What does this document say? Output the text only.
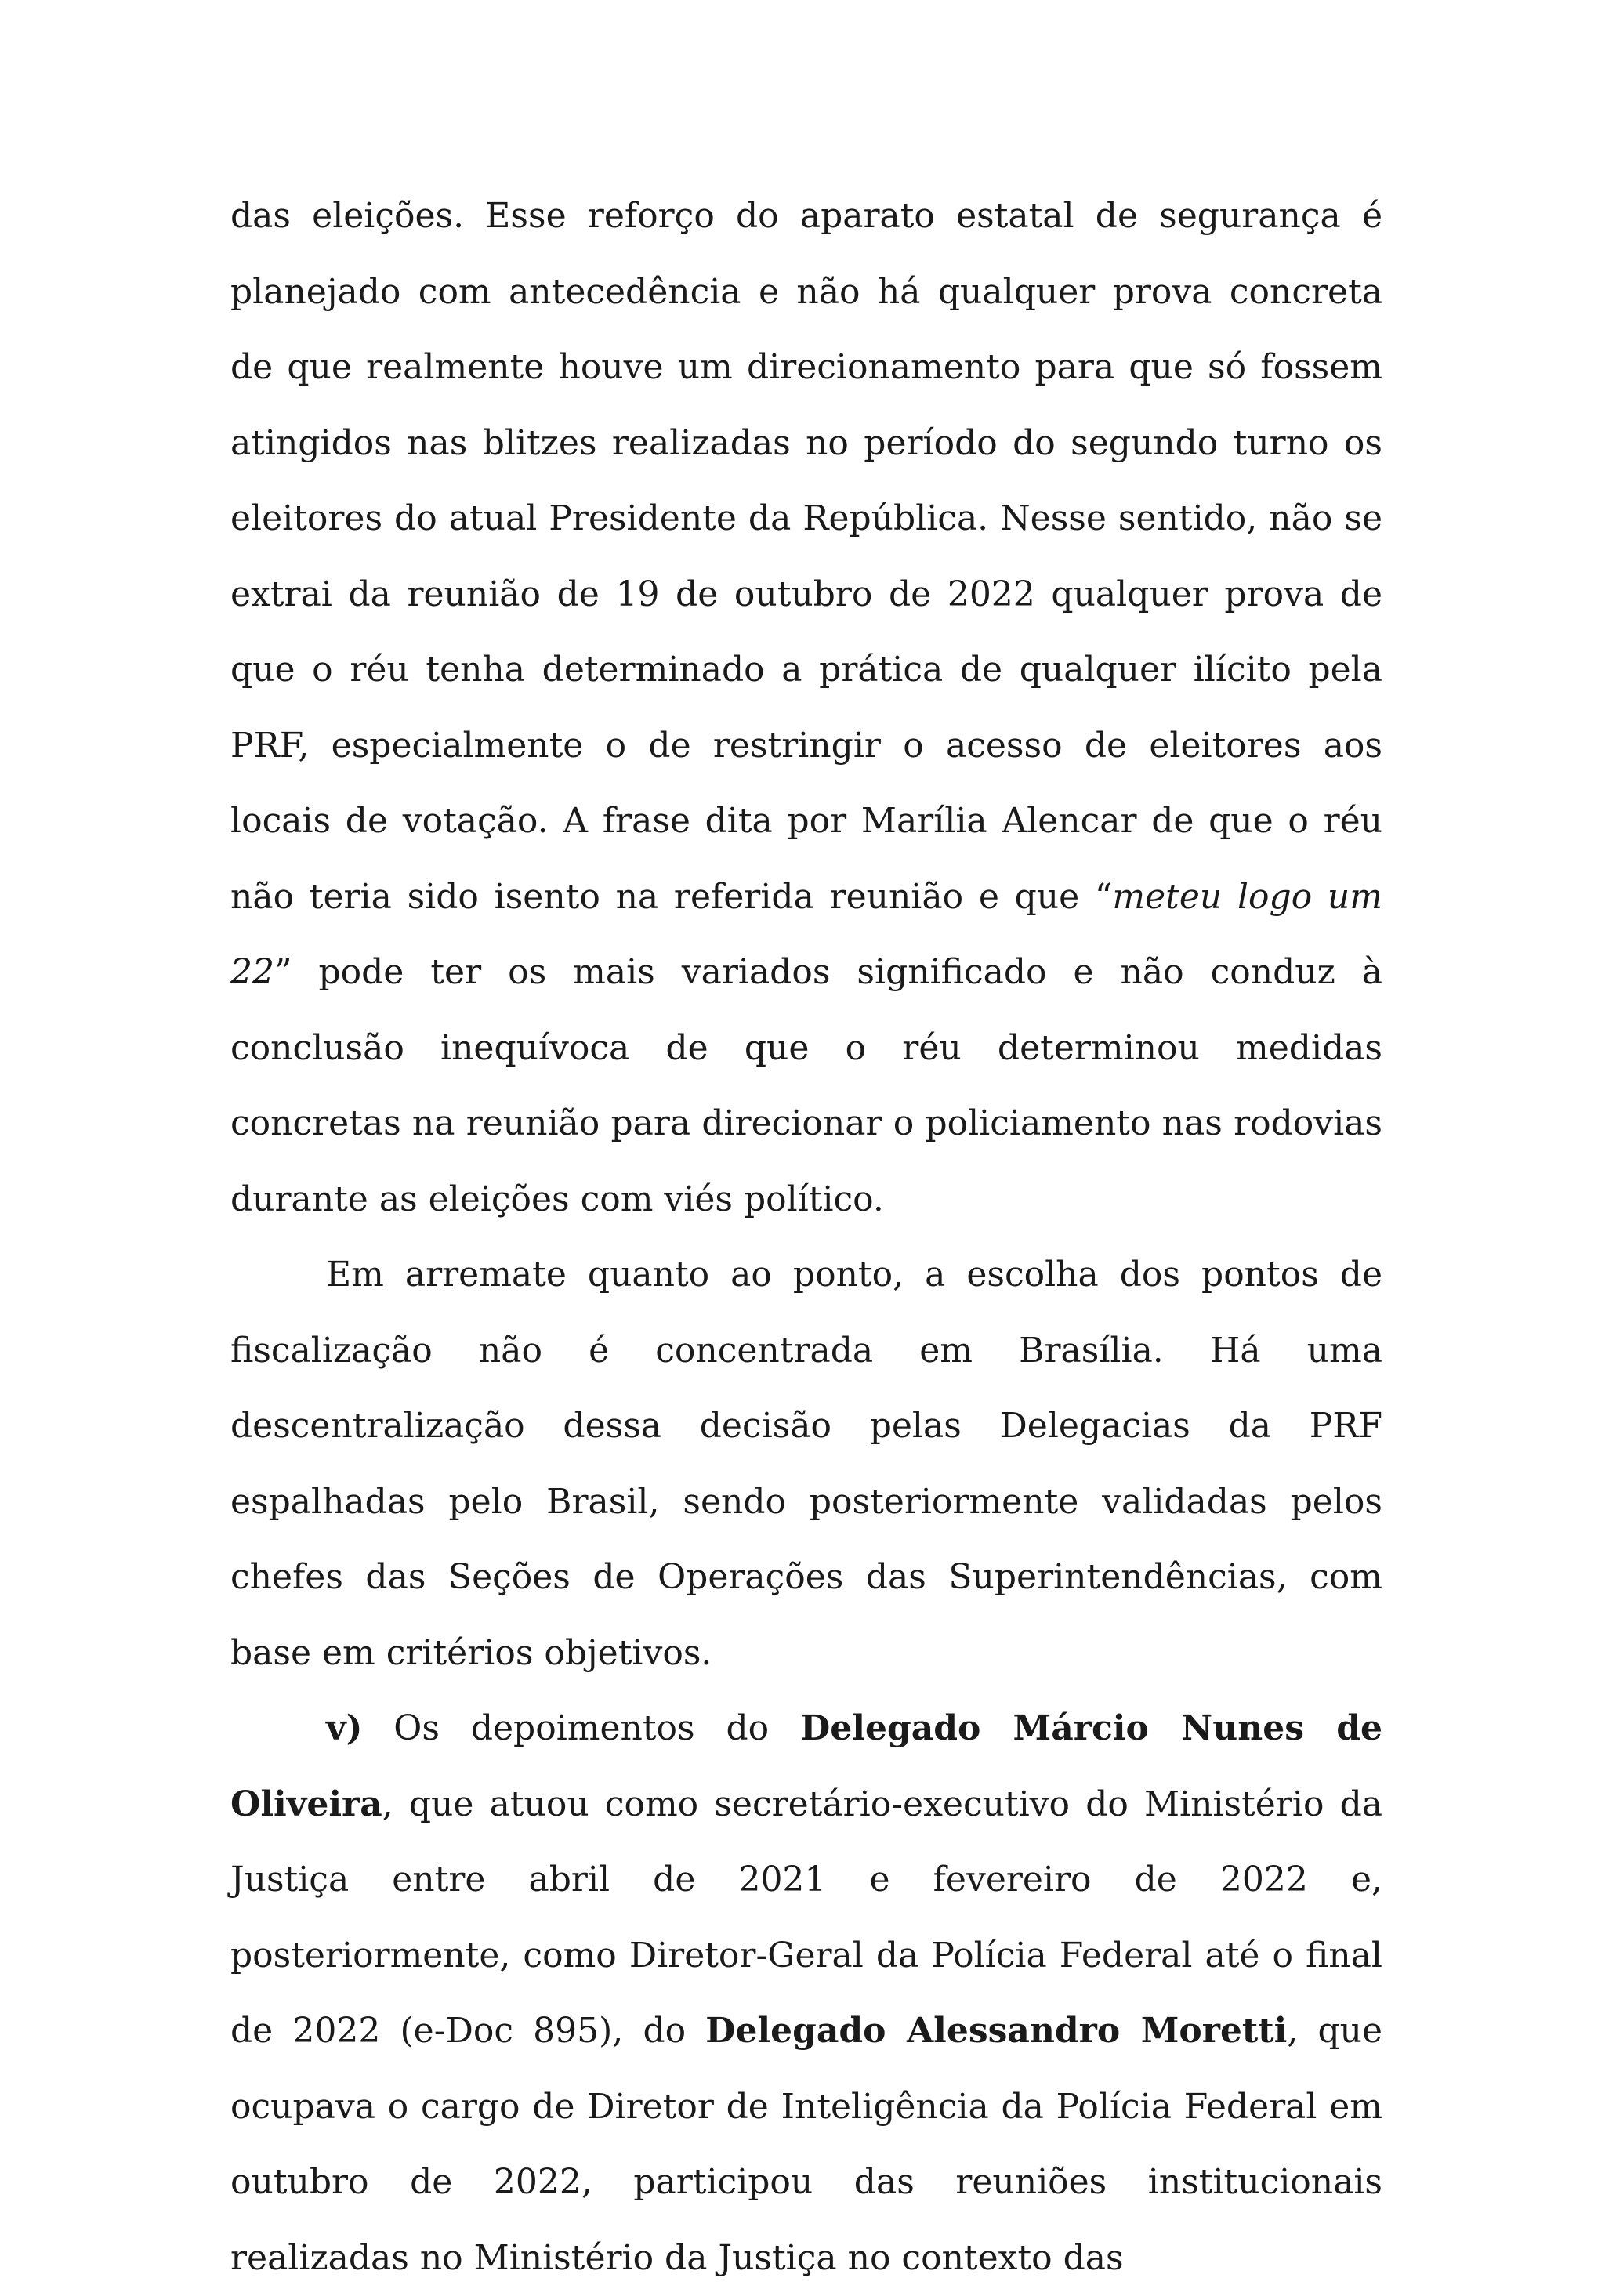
das eleições. Esse reforço do aparato estatal de segurança é planejado com antecedência e não há qualquer prova concreta de que realmente houve um direcionamento para que só fossem atingidos nas blitzes realizadas no período do segundo turno os eleitores do atual Presidente da República. Nesse sentido, não se extrai da reunião de 19 de outubro de 2022 qualquer prova de que o réu tenha determinado a prática de qualquer ilícito pela PRF, especialmente o de restringir o acesso de eleitores aos locais de votação. A frase dita por Marília Alencar de que o réu não teria sido isento na referida reunião e que “meteu logo um 22” pode ter os mais variados significado e não conduz à conclusão inequívoca de que o réu determinou medidas concretas na reunião para direcionar o policiamento nas rodovias durante as eleições com viés político.

Em arremate quanto ao ponto, a escolha dos pontos de fiscalização não é concentrada em Brasília. Há uma descentralização dessa decisão pelas Delegacias da PRF espalhadas pelo Brasil, sendo posteriormente validadas pelos chefes das Seções de Operações das Superintendências, com base em critérios objetivos.

v) Os depoimentos do Delegado Márcio Nunes de Oliveira, que atuou como secretário-executivo do Ministério da Justiça entre abril de 2021 e fevereiro de 2022 e, posteriormente, como Diretor-Geral da Polícia Federal até o final de 2022 (e-Doc 895), do Delegado Alessandro Moretti, que ocupava o cargo de Diretor de Inteligência da Polícia Federal em outubro de 2022, participou das reuniões institucionais realizadas no Ministério da Justiça no contexto das
